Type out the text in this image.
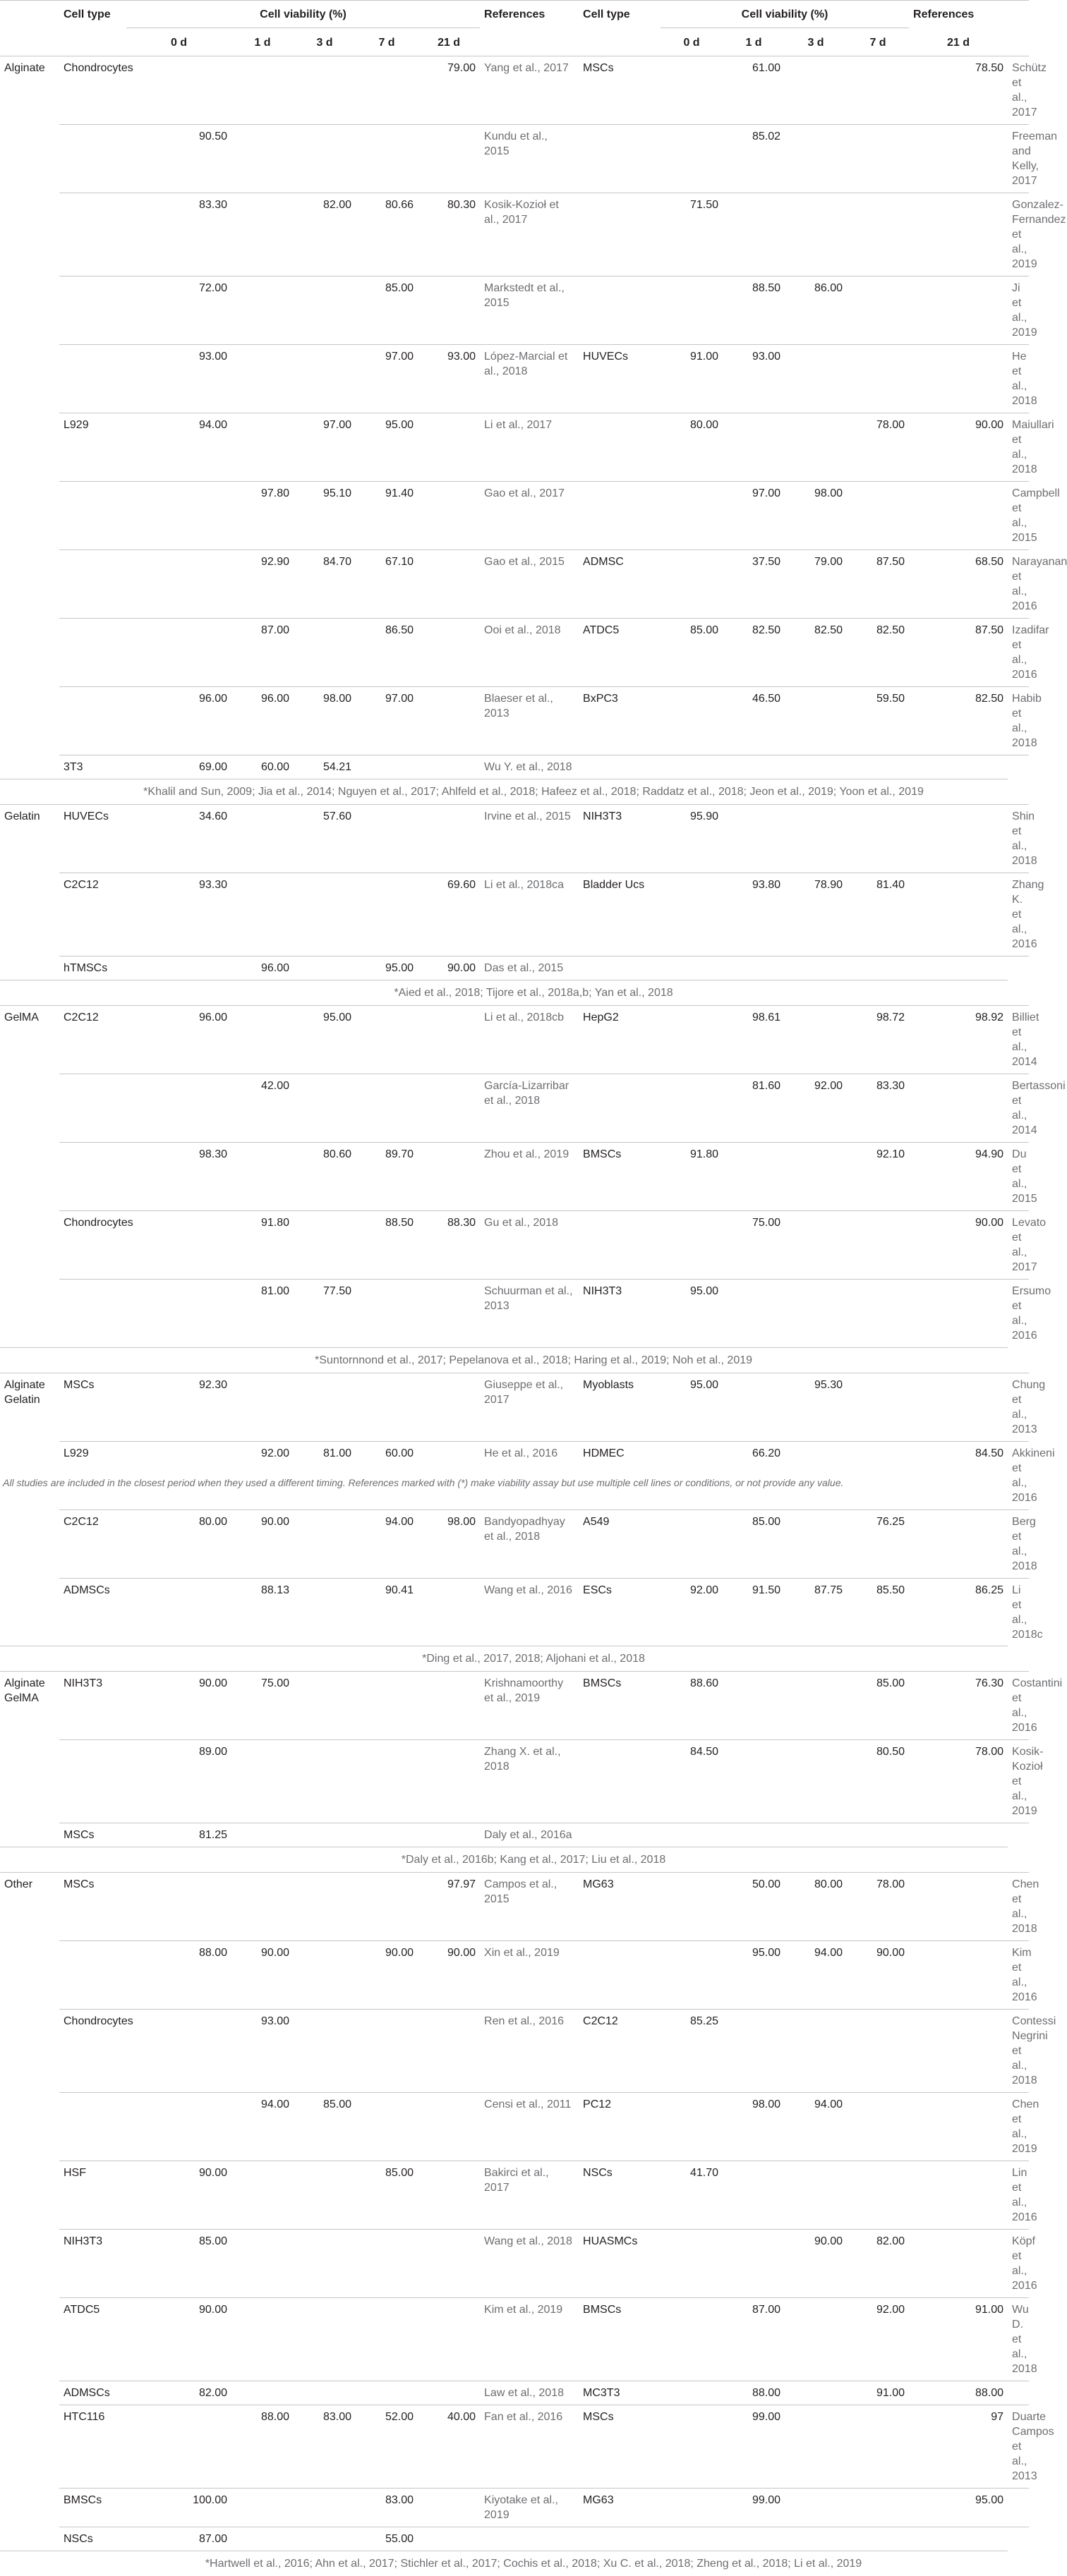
	Cell type	Cell viability (%)					References	Cell type	Cell viability (%)				References	
		0 d	1 d	3 d	7 d	21 d			0 d	1 d	3 d	7 d	21 d	
Alginate	Chondrocytes					79.00	Yang et al., 2017	MSCs		61.00			78.50	Schütz et al., 2017
		90.50					Kundu et al., 2015			85.02				Freeman and Kelly, 2017
		83.30		82.00	80.66	80.30	Kosik-Kozioł et al., 2017		71.50					Gonzalez-Fernandez et al., 2019
		72.00			85.00		Markstedt et al., 2015			88.50	86.00			Ji et al., 2019
		93.00			97.00	93.00	López-Marcial et al., 2018	HUVECs	91.00	93.00				He et al., 2018
	L929	94.00		97.00	95.00		Li et al., 2017		80.00			78.00	90.00	Maiullari et al., 2018
			97.80	95.10	91.40		Gao et al., 2017			97.00	98.00			Campbell et al., 2015
			92.90	84.70	67.10		Gao et al., 2015	ADMSC		37.50	79.00	87.50	68.50	Narayanan et al., 2016
			87.00		86.50		Ooi et al., 2018	ATDC5	85.00	82.50	82.50	82.50	87.50	Izadifar et al., 2016
		96.00	96.00	98.00	97.00		Blaeser et al., 2013	BxPC3		46.50		59.50	82.50	Habib et al., 2018
	3T3	69.00	60.00	54.21			Wu Y. et al., 2018							
	*Khalil and Sun, 2009; Jia et al., 2014; Nguyen et al., 2017; Ahlfeld et al., 2018; Hafeez et al., 2018; Raddatz et al., 2018; Jeon et al., 2019; Yoon et al., 2019													
Gelatin	HUVECs	34.60		57.60			Irvine et al., 2015	NIH3T3	95.90					Shin et al., 2018
	C2C12	93.30				69.60	Li et al., 2018ca	Bladder Ucs		93.80	78.90	81.40		Zhang K. et al., 2016
	hTMSCs		96.00		95.00	90.00	Das et al., 2015							
	*Aied et al., 2018; Tijore et al., 2018a,b; Yan et al., 2018													
GelMA	C2C12	96.00		95.00			Li et al., 2018cb	HepG2		98.61		98.72	98.92	Billiet et al., 2014
			42.00				García-Lizarribar et al., 2018			81.60	92.00	83.30		Bertassoni et al., 2014
		98.30		80.60	89.70		Zhou et al., 2019	BMSCs	91.80			92.10	94.90	Du et al., 2015
	Chondrocytes		91.80		88.50	88.30	Gu et al., 2018			75.00			90.00	Levato et al., 2017
			81.00	77.50			Schuurman et al., 2013	NIH3T3	95.00					Ersumo et al., 2016
	*Suntornnond et al., 2017; Pepelanova et al., 2018; Haring et al., 2019; Noh et al., 2019													
Alginate Gelatin	MSCs	92.30					Giuseppe et al., 2017	Myoblasts	95.00		95.30			Chung et al., 2013
	L929		92.00	81.00	60.00		He et al., 2016	HDMEC		66.20			84.50	Akkineni et al., 2016
	C2C12	80.00	90.00		94.00	98.00	Bandyopadhyay et al., 2018	A549		85.00		76.25		Berg et al., 2018
	ADMSCs		88.13		90.41		Wang et al., 2016	ESCs	92.00	91.50	87.75	85.50	86.25	Li et al., 2018c
	*Ding et al., 2017, 2018; Aljohani et al., 2018													
Alginate GelMA	NIH3T3	90.00	75.00				Krishnamoorthy et al., 2019	BMSCs	88.60			85.00	76.30	Costantini et al., 2016
		89.00					Zhang X. et al., 2018		84.50			80.50	78.00	Kosik-Kozioł et al., 2019
	MSCs	81.25					Daly et al., 2016a							
	*Daly et al., 2016b; Kang et al., 2017; Liu et al., 2018													
Other	MSCs					97.97	Campos et al., 2015	MG63		50.00	80.00	78.00		Chen et al., 2018
		88.00	90.00		90.00	90.00	Xin et al., 2019			95.00	94.00	90.00		Kim et al., 2016
	Chondrocytes		93.00				Ren et al., 2016	C2C12	85.25					Contessi Negrini et al., 2018
			94.00	85.00			Censi et al., 2011	PC12		98.00	94.00			Chen et al., 2019
	HSF	90.00			85.00		Bakirci et al., 2017	NSCs	41.70					Lin et al., 2016
	NIH3T3	85.00					Wang et al., 2018	HUASMCs			90.00	82.00		Köpf et al., 2016
	ATDC5	90.00					Kim et al., 2019	BMSCs		87.00		92.00	91.00	Wu D. et al., 2018
	ADMSCs	82.00					Law et al., 2018	MC3T3		88.00		91.00	88.00	
	HTC116		88.00	83.00	52.00	40.00	Fan et al., 2016	MSCs		99.00			97	Duarte Campos et al., 2013
	BMSCs	100.00			83.00		Kiyotake et al., 2019	MG63		99.00			95.00	
	NSCs	87.00			55.00									
	*Hartwell et al., 2016; Ahn et al., 2017; Stichler et al., 2017; Cochis et al., 2018; Xu C. et al., 2018; Zheng et al., 2018; Li et al., 2019													
All studies are included in the closest period when they used a different timing. References marked with (*) make viability assay but use multiple cell lines or conditions, or not provide any value.
